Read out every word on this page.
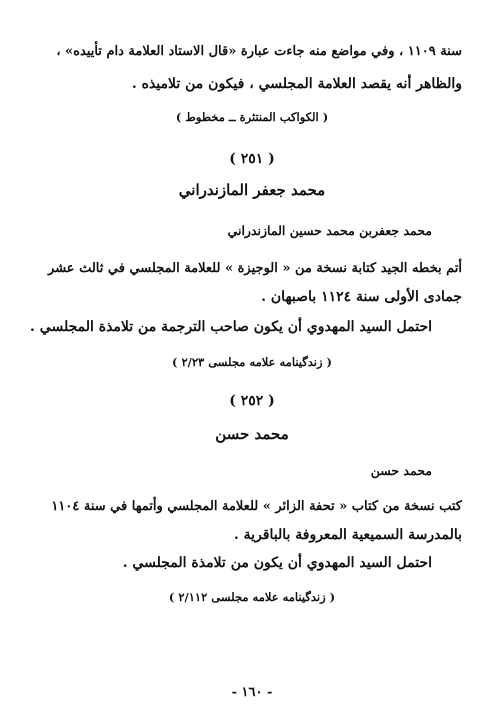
سنة ١١٠٩ ، وفي مواضع منه جاءت عبارة «قال الاستاد العلامة دام تأييده» ،
والظاهر أنه يقصد العلامة المجلسي ، فيكون من تلاميذه .
( الكواكب المنتثرة ــ مخطوط )
( ٢٥١ )
محمد جعفر المازندراني
محمد جعفربن محمد حسين المازندراني
أتم بخطه الجيد كتابة نسخة من « الوجيزة » للعلامة المجلسي في ثالث عشر
جمادى الأولى سنة ١١٢٤ باصبهان .
احتمل السيد المهدوي أن يكون صاحب الترجمة من تلامذة المجلسي .
( زندگينامه علامه مجلسى ٢/٢٣ )
( ٢٥٢ )
محمد حسن
محمد حسن
كتب نسخة من كتاب « تحفة الزائر » للعلامة المجلسي وأتمها في سنة ١١٠٤
بالمدرسة السميعية المعروفة بالباقرية .
احتمل السيد المهدوي أن يكون من تلامذة المجلسي .
( زندگينامه علامه مجلسى ٢/١١٢ )
- ١٦٠ -
